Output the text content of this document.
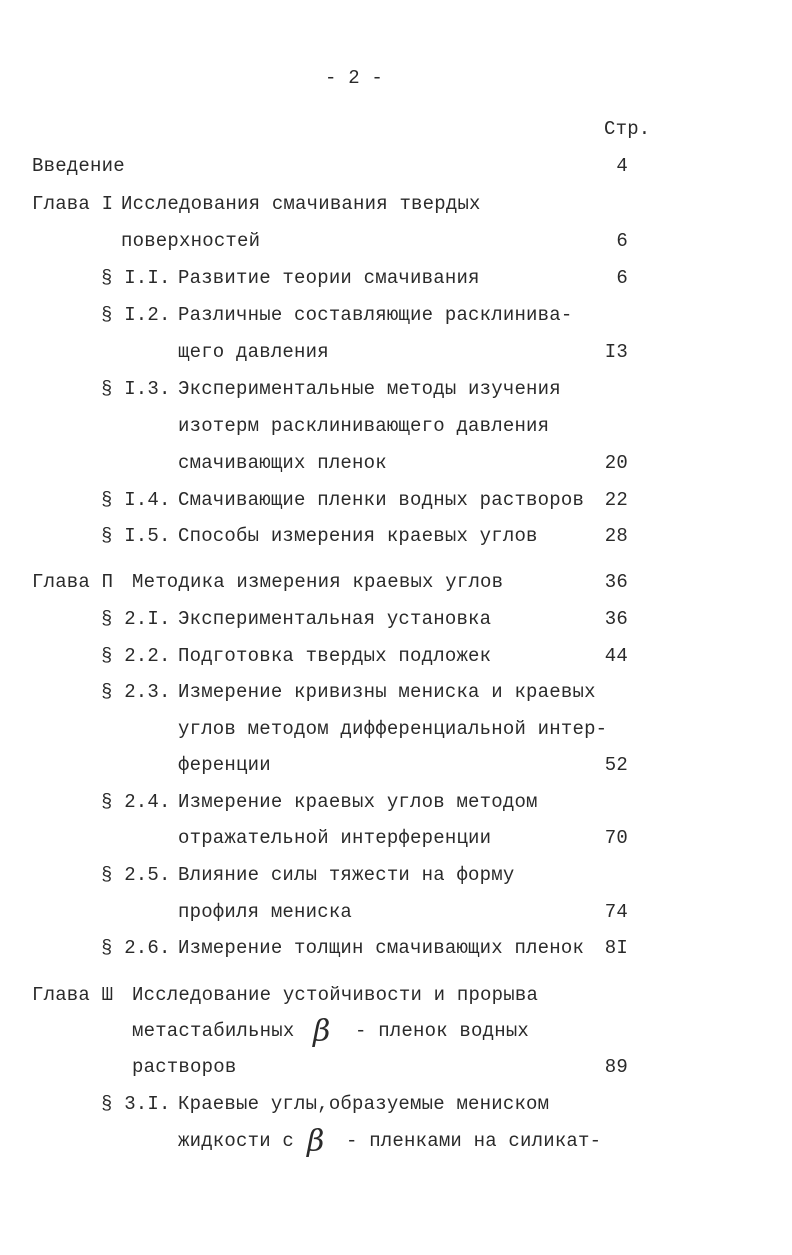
- 2 -
Стр.
Введение	4
Глава I Исследования смачивания твердых
поверхностей	6
§ I.I. Развитие теории смачивания	6
§ I.2. Различные составляющие расклинива-
щего давления	I3
§ I.3. Экспериментальные методы изучения
изотерм расклинивающего давления
смачивающих пленок	20
§ I.4. Смачивающие пленки водных растворов	22
§ I.5. Способы измерения краевых углов	28
Глава П Методика измерения краевых углов	36
§ 2.I. Экспериментальная установка	36
§ 2.2. Подготовка твердых подложек	44
§ 2.3. Измерение кривизны мениска и краевых
углов методом дифференциальной интер-
ференции	52
§ 2.4. Измерение краевых углов методом
отражательной интерференции	70
§ 2.5. Влияние силы тяжести на форму
профиля мениска	74
§ 2.6. Измерение толщин смачивающих пленок	8I
Глава Ш Исследование устойчивости и прорыва
метастабильных β - пленок водных
растворов	89
§ 3.I. Краевые углы,образуемые мениском
жидкости с β - пленками на силикат-
